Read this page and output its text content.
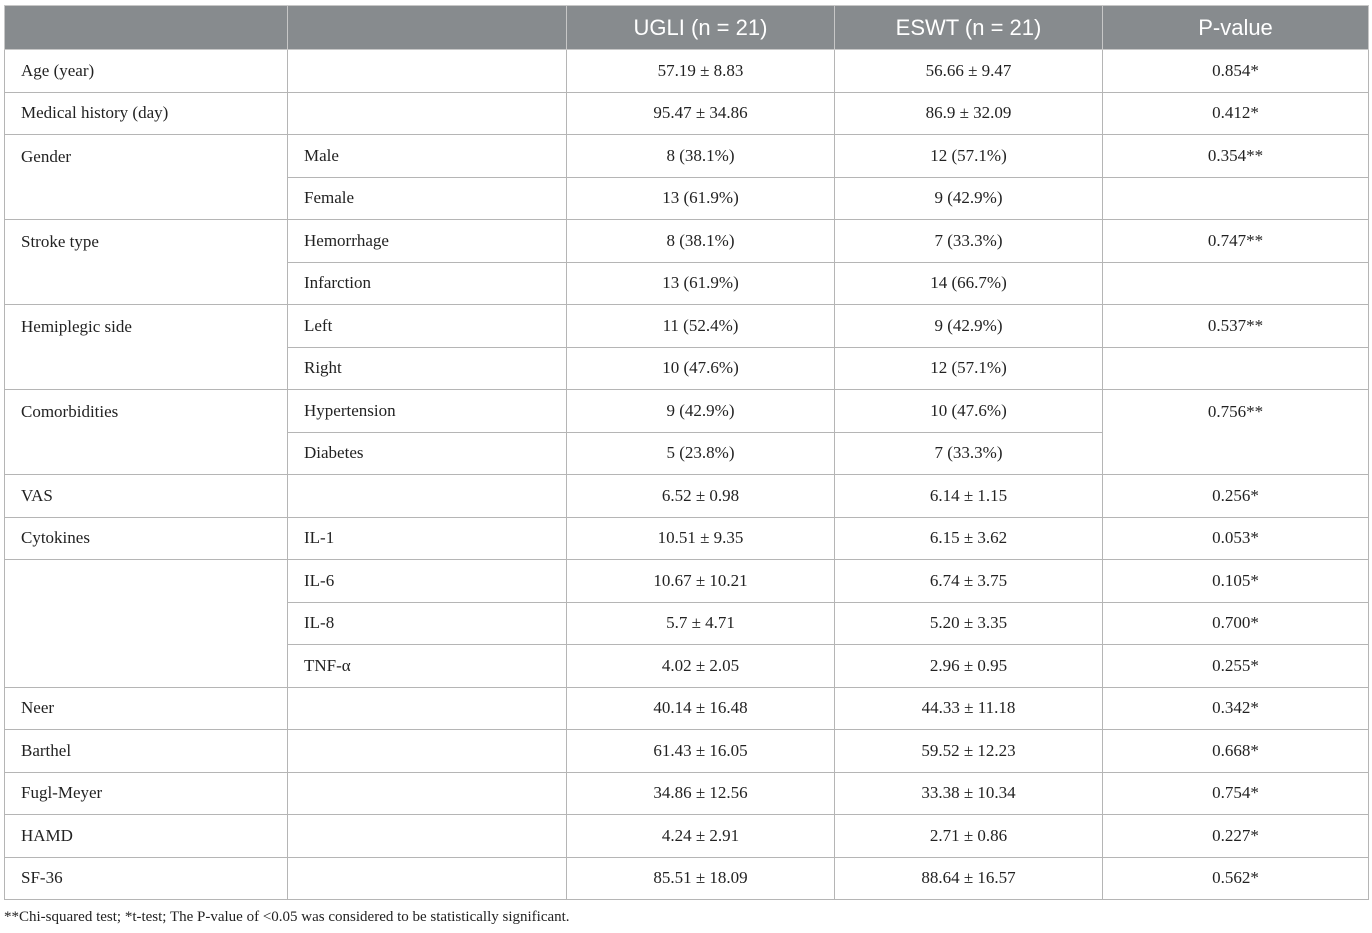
		UGLI (n = 21)	ESWT (n = 21)	P-value
Age (year)		57.19 ± 8.83	56.66 ± 9.47	0.854*
Medical history (day)		95.47 ± 34.86	86.9 ± 32.09	0.412*
Gender	Male	8 (38.1%)	12 (57.1%)	0.354**
	Female	13 (61.9%)	9 (42.9%)	
Stroke type	Hemorrhage	8 (38.1%)	7 (33.3%)	0.747**
	Infarction	13 (61.9%)	14 (66.7%)	
Hemiplegic side	Left	11 (52.4%)	9 (42.9%)	0.537**
	Right	10 (47.6%)	12 (57.1%)	
Comorbidities	Hypertension	9 (42.9%)	10 (47.6%)	0.756**
	Diabetes	5 (23.8%)	7 (33.3%)	
VAS		6.52 ± 0.98	6.14 ± 1.15	0.256*
Cytokines	IL-1	10.51 ± 9.35	6.15 ± 3.62	0.053*
	IL-6	10.67 ± 10.21	6.74 ± 3.75	0.105*
	IL-8	5.7 ± 4.71	5.20 ± 3.35	0.700*
	TNF-α	4.02 ± 2.05	2.96 ± 0.95	0.255*
Neer		40.14 ± 16.48	44.33 ± 11.18	0.342*
Barthel		61.43 ± 16.05	59.52 ± 12.23	0.668*
Fugl-Meyer		34.86 ± 12.56	33.38 ± 10.34	0.754*
HAMD		4.24 ± 2.91	2.71 ± 0.86	0.227*
SF-36		85.51 ± 18.09	88.64 ± 16.57	0.562*
**Chi-squared test; *t-test; The P-value of <0.05 was considered to be statistically significant.
